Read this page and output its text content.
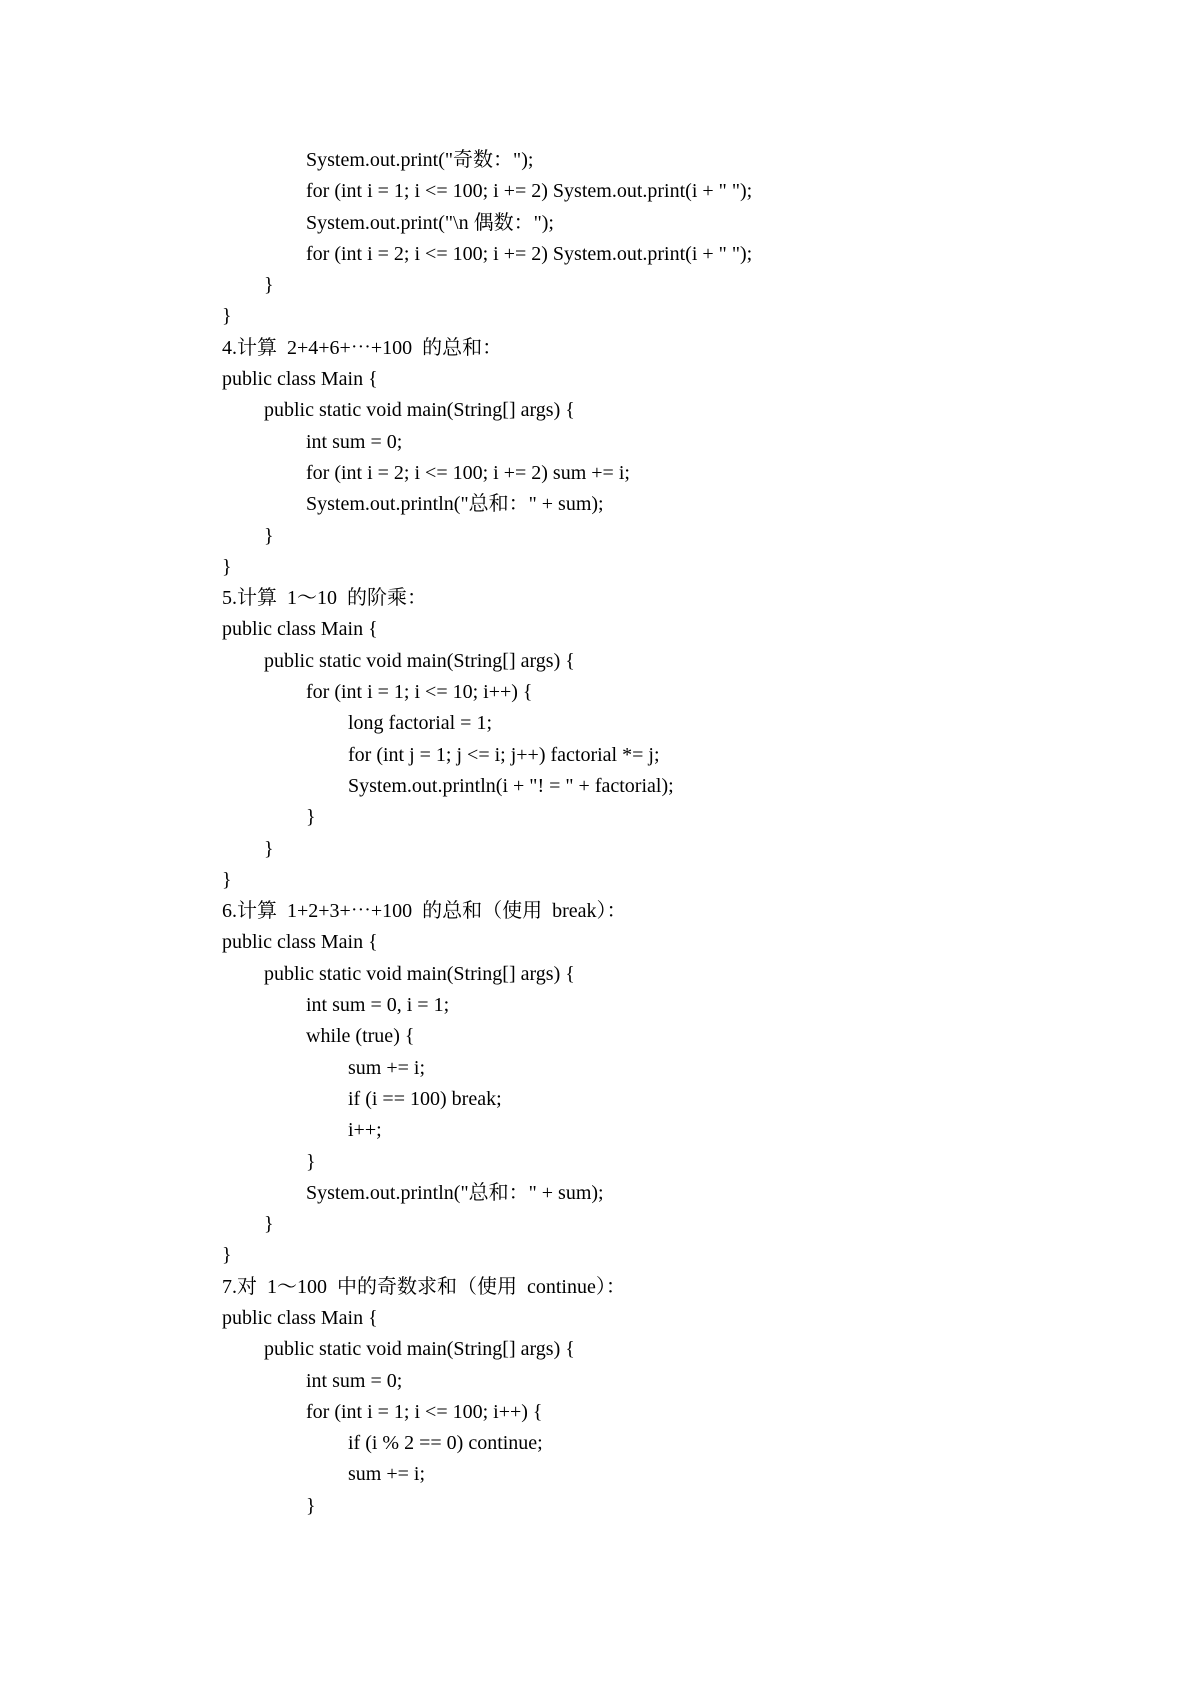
System.out.print("奇数：");
for (int i = 1; i <= 100; i += 2) System.out.print(i + " ");
System.out.print("\n 偶数：");
for (int i = 2; i <= 100; i += 2) System.out.print(i + " ");
}
}
4.计算  2+4+6+⋯+100  的总和：
public class Main {
public static void main(String[] args) {
int sum = 0;
for (int i = 2; i <= 100; i += 2) sum += i;
System.out.println("总和：" + sum);
}
}
5.计算  1～10  的阶乘：
public class Main {
public static void main(String[] args) {
for (int i = 1; i <= 10; i++) {
long factorial = 1;
for (int j = 1; j <= i; j++) factorial *= j;
System.out.println(i + "! = " + factorial);
}
}
}
6.计算  1+2+3+⋯+100  的总和（使用  break）：
public class Main {
public static void main(String[] args) {
int sum = 0, i = 1;
while (true) {
sum += i;
if (i == 100) break;
i++;
}
System.out.println("总和：" + sum);
}
}
7.对  1～100  中的奇数求和（使用  continue）：
public class Main {
public static void main(String[] args) {
int sum = 0;
for (int i = 1; i <= 100; i++) {
if (i % 2 == 0) continue;
sum += i;
}
